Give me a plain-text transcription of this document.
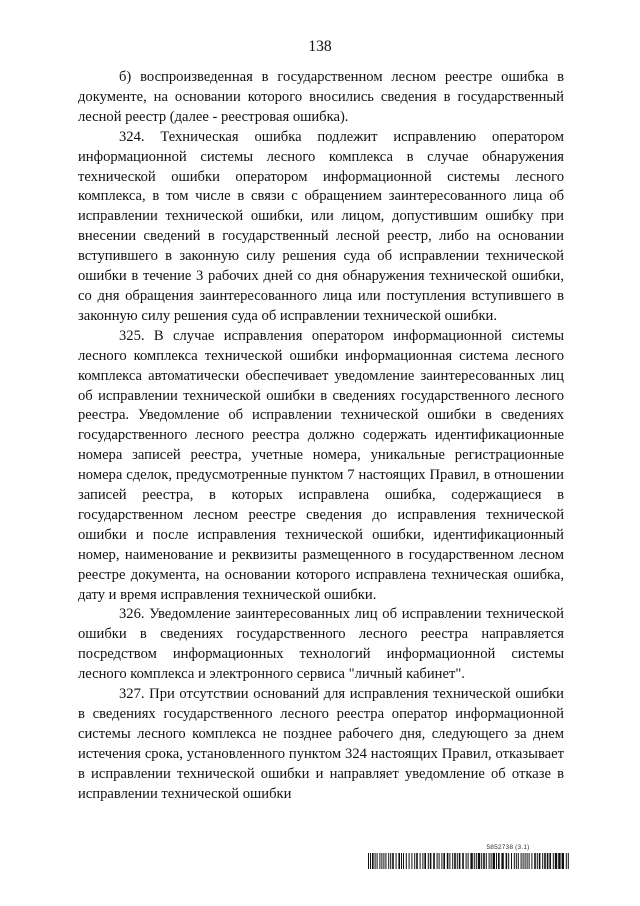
138

б) воспроизведенная в государственном лесном реестре ошибка в документе, на основании которого вносились сведения в государственный лесной реестр (далее - реестровая ошибка).

324. Техническая ошибка подлежит исправлению оператором информационной системы лесного комплекса в случае обнаружения технической ошибки оператором информационной системы лесного комплекса, в том числе в связи с обращением заинтересованного лица об исправлении технической ошибки, или лицом, допустившим ошибку при внесении сведений в государственный лесной реестр, либо на основании вступившего в законную силу решения суда об исправлении технической ошибки в течение 3 рабочих дней со дня обнаружения технической ошибки, со дня обращения заинтересованного лица или поступления вступившего в законную силу решения суда об исправлении технической ошибки.

325. В случае исправления оператором информационной системы лесного комплекса технической ошибки информационная система лесного комплекса автоматически обеспечивает уведомление заинтересованных лиц об исправлении технической ошибки в сведениях государственного лесного реестра. Уведомление об исправлении технической ошибки в сведениях государственного лесного реестра должно содержать идентификационные номера записей реестра, учетные номера, уникальные регистрационные номера сделок, предусмотренные пунктом 7 настоящих Правил, в отношении записей реестра, в которых исправлена ошибка, содержащиеся в государственном лесном реестре сведения до исправления технической ошибки и после исправления технической ошибки, идентификационный номер, наименование и реквизиты размещенного в государственном лесном реестре документа, на основании которого исправлена техническая ошибка, дату и время исправления технической ошибки.

326. Уведомление заинтересованных лиц об исправлении технической ошибки в сведениях государственного лесного реестра направляется посредством информационных технологий информационной системы лесного комплекса и электронного сервиса "личный кабинет".

327. При отсутствии оснований для исправления технической ошибки в сведениях государственного лесного реестра оператор информационной системы лесного комплекса не позднее рабочего дня, следующего за днем истечения срока, установленного пунктом 324 настоящих Правил, отказывает в исправлении технической ошибки и направляет уведомление об отказе в исправлении технической ошибки

5852738 (3.1)
